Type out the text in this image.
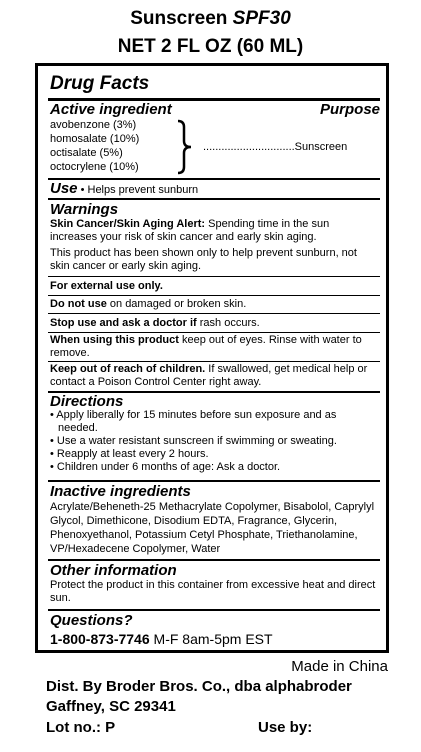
Sunscreen SPF30
NET 2 FL OZ (60 ML)
Drug Facts
Active ingredient	Purpose
avobenzone (3%)
homosalate (10%)
octisalate (5%)
octocrylene (10%)
..............................Sunscreen
Use • Helps prevent sunburn
Warnings
Skin Cancer/Skin Aging Alert: Spending time in the sun increases your risk of skin cancer and early skin aging.
This product has been shown only to help prevent sunburn, not skin cancer or early skin aging.
For external use only.
Do not use on damaged or broken skin.
Stop use and ask a doctor if rash occurs.
When using this product keep out of eyes. Rinse with water to remove.
Keep out of reach of children. If swallowed, get medical help or contact a Poison Control Center right away.
Directions
• Apply liberally for 15 minutes before sun exposure and as needed.
• Use a water resistant sunscreen if swimming or sweating.
• Reapply at least every 2 hours.
• Children under 6 months of age: Ask a doctor.
Inactive ingredients
Acrylate/Beheneth-25 Methacrylate Copolymer, Bisabolol, Caprylyl Glycol, Dimethicone, Disodium EDTA, Fragrance, Glycerin, Phenoxyethanol, Potassium Cetyl Phosphate, Triethanolamine, VP/Hexadecene Copolymer, Water
Other information
Protect the product in this container from excessive heat and direct sun.
Questions?
1-800-873-7746 M-F 8am-5pm EST
Made in China
Dist. By Broder Bros. Co., dba alphabroder
Gaffney, SC 29341
Lot no.: P	Use by:
